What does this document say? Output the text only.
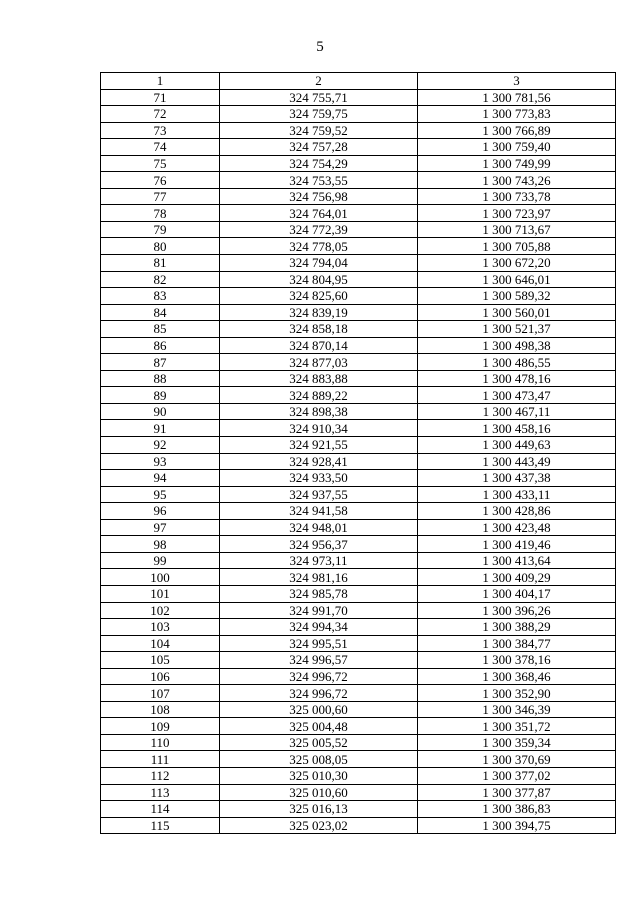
5
1	2	3
71	324 755,71	1 300 781,56
72	324 759,75	1 300 773,83
73	324 759,52	1 300 766,89
74	324 757,28	1 300 759,40
75	324 754,29	1 300 749,99
76	324 753,55	1 300 743,26
77	324 756,98	1 300 733,78
78	324 764,01	1 300 723,97
79	324 772,39	1 300 713,67
80	324 778,05	1 300 705,88
81	324 794,04	1 300 672,20
82	324 804,95	1 300 646,01
83	324 825,60	1 300 589,32
84	324 839,19	1 300 560,01
85	324 858,18	1 300 521,37
86	324 870,14	1 300 498,38
87	324 877,03	1 300 486,55
88	324 883,88	1 300 478,16
89	324 889,22	1 300 473,47
90	324 898,38	1 300 467,11
91	324 910,34	1 300 458,16
92	324 921,55	1 300 449,63
93	324 928,41	1 300 443,49
94	324 933,50	1 300 437,38
95	324 937,55	1 300 433,11
96	324 941,58	1 300 428,86
97	324 948,01	1 300 423,48
98	324 956,37	1 300 419,46
99	324 973,11	1 300 413,64
100	324 981,16	1 300 409,29
101	324 985,78	1 300 404,17
102	324 991,70	1 300 396,26
103	324 994,34	1 300 388,29
104	324 995,51	1 300 384,77
105	324 996,57	1 300 378,16
106	324 996,72	1 300 368,46
107	324 996,72	1 300 352,90
108	325 000,60	1 300 346,39
109	325 004,48	1 300 351,72
110	325 005,52	1 300 359,34
111	325 008,05	1 300 370,69
112	325 010,30	1 300 377,02
113	325 010,60	1 300 377,87
114	325 016,13	1 300 386,83
115	325 023,02	1 300 394,75
